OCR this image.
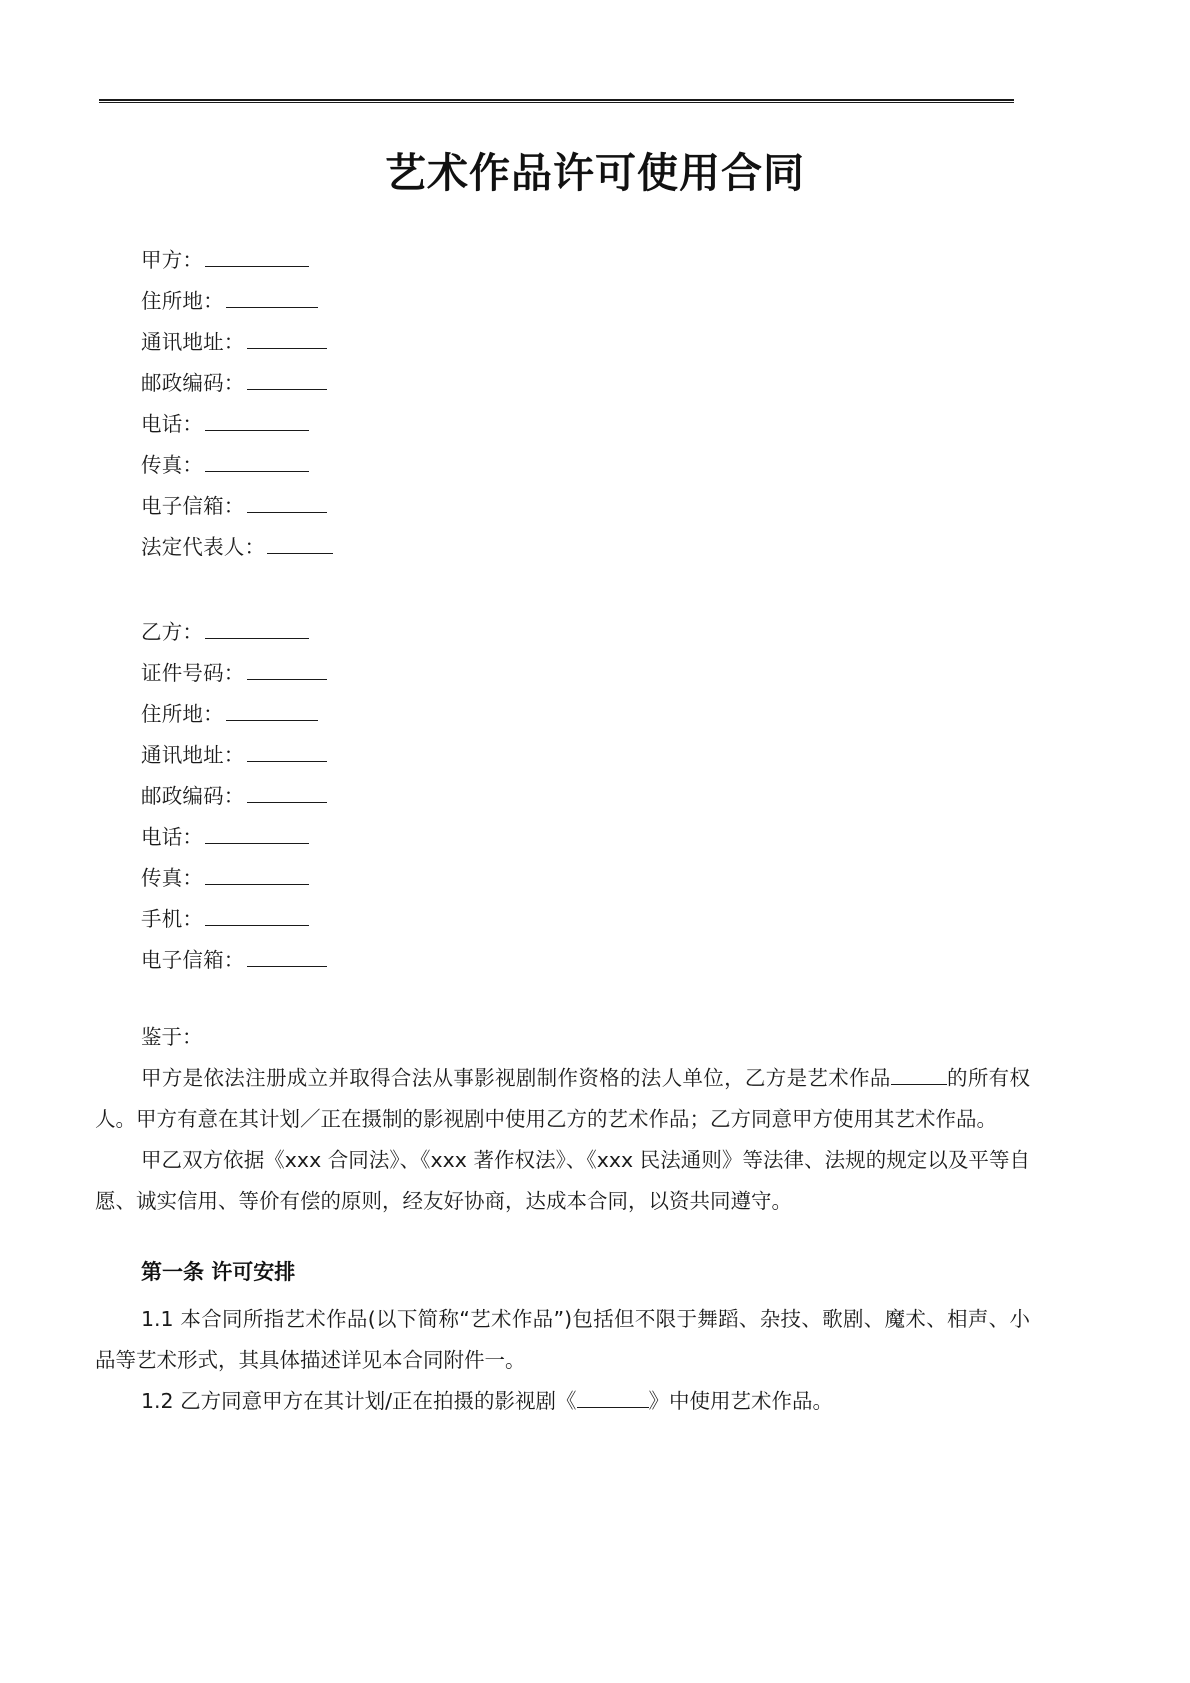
艺术作品许可使用合同
甲方：
住所地：
通讯地址：
邮政编码：
电话：
传真：
电子信箱：
法定代表人：
乙方：
证件号码：
住所地：
通讯地址：
邮政编码：
电话：
传真：
手机：
电子信箱：
鉴于：

甲方是依法注册成立并取得合法从事影视剧制作资格的法人单位，乙方是艺术作品	的所有权人。甲方有意在其计划／正在摄制的影视剧中使用乙方的艺术作品；乙方同意甲方使用其艺术作品。

甲乙双方依据《xxx 合同法》、《xxx 著作权法》、《xxx 民法通则》等法律、法规的规定以及平等自愿、诚实信用、等价有偿的原则，经友好协商，达成本合同，以资共同遵守。

第一条 许可安排

1.1 本合同所指艺术作品(以下简称“艺术作品”)包括但不限于舞蹈、杂技、歌剧、魔术、相声、小品等艺术形式，其具体描述详见本合同附件一。

1.2 乙方同意甲方在其计划/正在拍摄的影视剧《	》中使用艺术作品。
